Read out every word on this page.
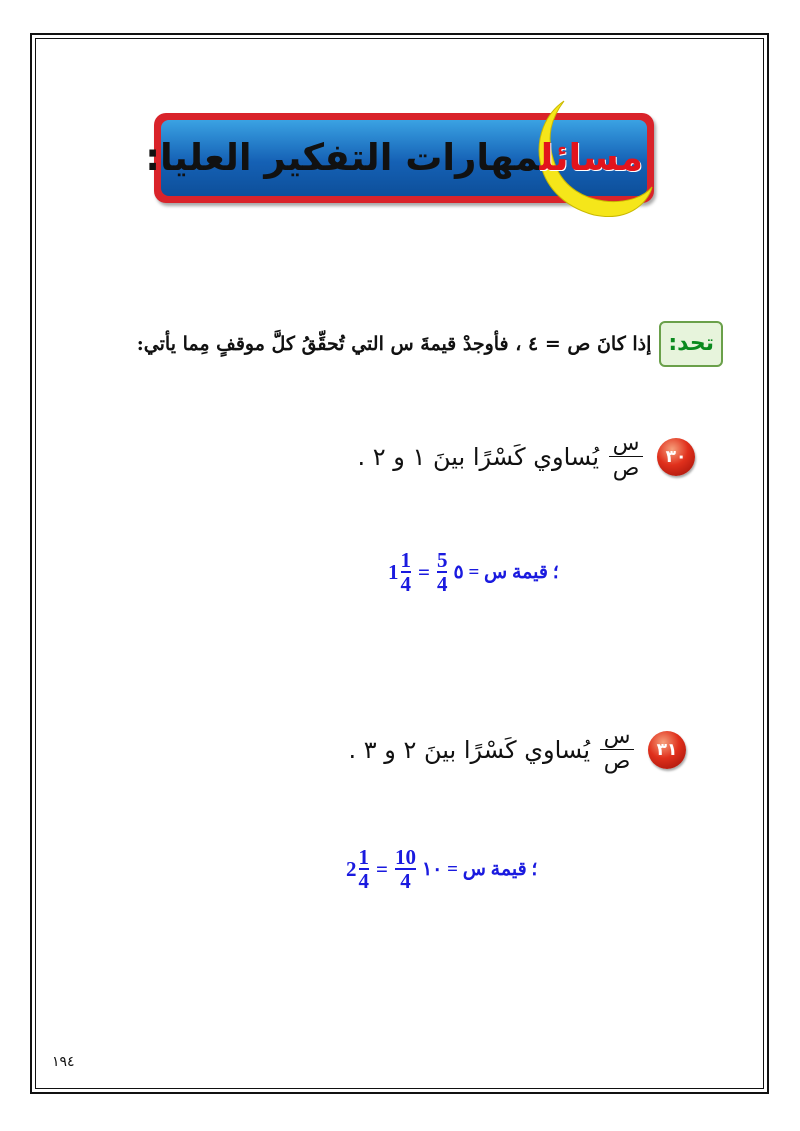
مسائلمهارات التفكير العليا:
تحد:
إذا كانَ ص = ٤ ، فأوجدْ قيمةَ س التي تُحقِّقُ كلَّ موقفٍ مِما يأتي:
٣٠
$\frac{\text{س}}{\text{ص}}$
يُساوي كَسْرًا بينَ ١ و ٢ .
1 1
4
= 5
4 ؛ قيمة س = ٥
٣١
$\frac{\text{س}}{\text{ص}}$
يُساوي كَسْرًا بينَ ٢ و ٣ .
2 1
4
= 10
4 ؛ قيمة س = ١٠
١٩٤
